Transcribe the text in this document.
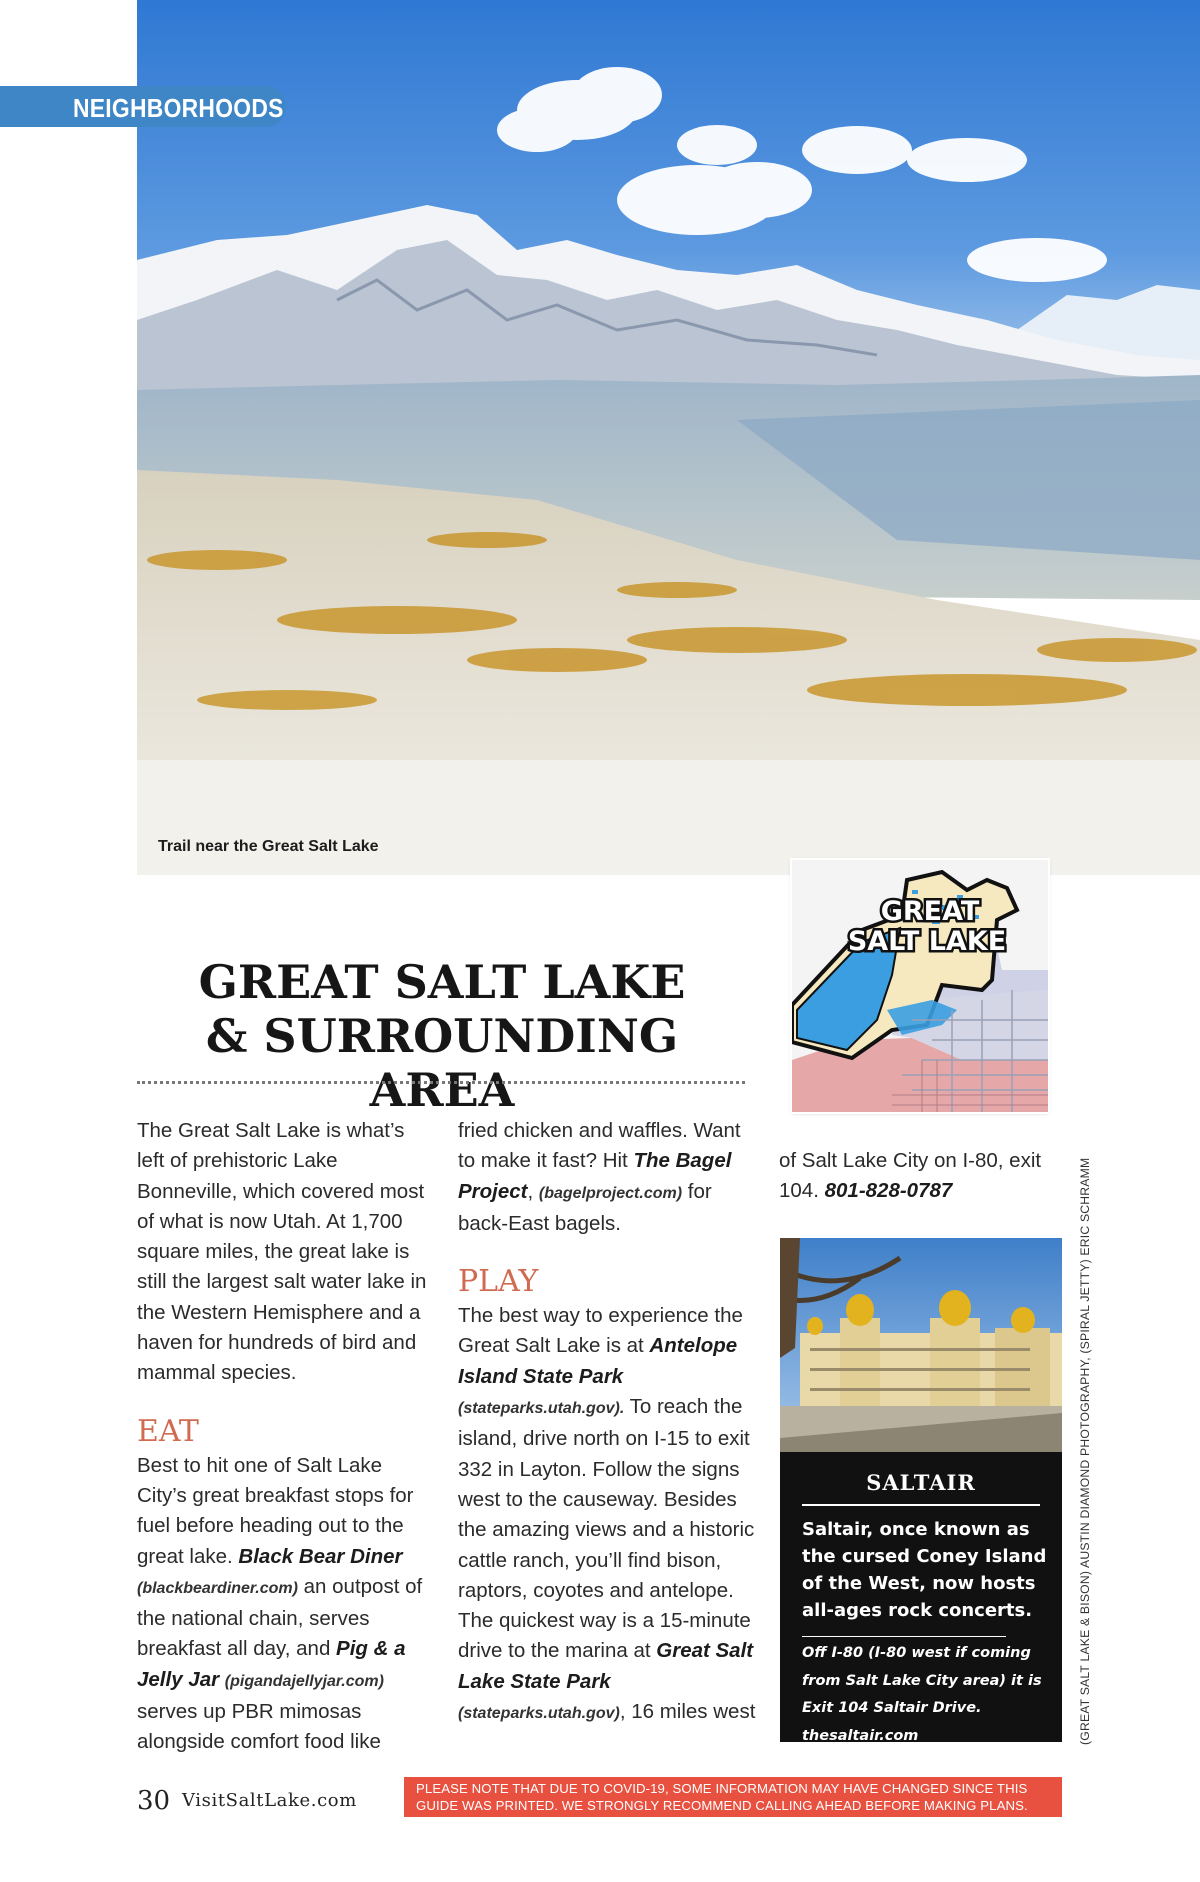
Trail near the Great Salt Lake
NEIGHBORHOODS
GREAT
SALT LAKE
GREAT SALT LAKE
& SURROUNDING AREA

The Great Salt Lake is what’s left of prehistoric Lake Bonneville, which covered most of what is now Utah. At 1,700 square miles, the great lake is still the largest salt water lake in the Western Hemisphere and a haven for hundreds of bird and mammal species.

EAT

Best to hit one of Salt Lake City’s great breakfast stops for fuel before heading out to the great lake. Black Bear Diner (blackbeardiner.com) an outpost of the national chain, serves breakfast all day, and Pig & a Jelly Jar (pigandajellyjar.com) serves up PBR mimosas alongside comfort food like

fried chicken and waffles. Want to make it fast? Hit The Bagel Project, (bagelproject.com) for back-East bagels.

PLAY

The best way to experience the Great Salt Lake is at Antelope Island State Park (stateparks.utah.gov). To reach the island, drive north on I-15 to exit 332 in Layton. Follow the signs west to the causeway. Besides the amazing views and a historic cattle ranch, you’ll find bison, raptors, coyotes and antelope. The quickest way is a 15-minute drive to the marina at Great Salt Lake State Park (stateparks.utah.gov), 16 miles west

of Salt Lake City on I-80, exit 104. 801-828-0787

SALTAIR
Saltair, once known as the cursed Coney Island of the West, now hosts all-ages rock concerts.
Off I-80 (I-80 west if coming from Salt Lake City area) it is Exit 104 Saltair Drive.
thesaltair.com	(GREAT SALT LAKE & BISON) AUSTIN DIAMOND PHOTOGRAPHY, (SPIRAL JETTY) ERIC SCHRAMM
30 VisitSaltLake.com
PLEASE NOTE THAT DUE TO COVID-19, SOME INFORMATION MAY HAVE CHANGED SINCE THIS
GUIDE WAS PRINTED. WE STRONGLY RECOMMEND CALLING AHEAD BEFORE MAKING PLANS.
